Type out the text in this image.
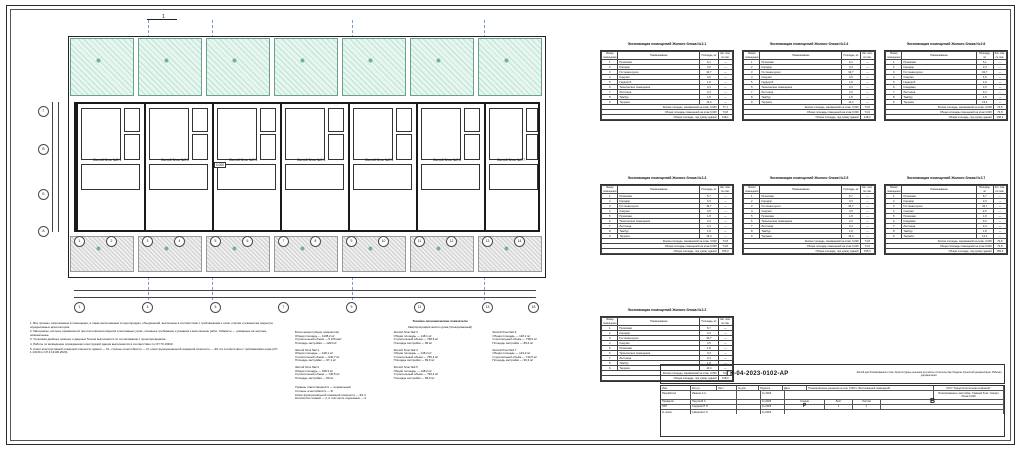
1
Жилой блок №2.1	Жилой блок №2.2	Жилой блок №2.3	Жилой блок №2.4	Жилой блок №2.5	Жилой блок №2.6	Жилой блок №2.7
0,000
Г
В
Б
А
1	2	3	4	5	6	7	8	9	10	11	12	13	14
1	3	5	7	9	11	13	15

1. Все проемы, заполняемые в помещении, а также выполняемые в перегородках, объединений, выполнены в соответствии с требованиями к осям, плитам и элементам покрытия, определяемых архитектором.

2. Материалы, которые применяются при изготовлении изделия в монтажных узлах, основные требования и указания к выполнению работ. Габариты — указанные на чертеже, номинальные.

3. Установка двойных оконных и дверных блоков выполняется по согласованию с проектировщиком.

4. Работы по возведению ограждающих конструкций здания выполняются в соответствии со СП 70.13330.

5. Класс конструктивной пожарной опасности здания — С1, степень огнестойкости — III, класс функциональной пожарной опасности — Ф1.4 в соответствии с требованиями норм (СП 1.13130 и СП 2.13130.2020).

Технико-экономические показатели
Квартирография жилого дома (блокированный)
Блок-секции (общие показатели)
Общая площадь — 1438,2 м²
Строительный объём — 5 125 мм³
Площадь застройки — 1204 м²
Жилой блок №2.1
Общая площадь — 148,1 м²
Строительный объём — 940,7 м³
Площадь застройки — 97,1 м²
Жилой блок №2.2
Общая площадь — 198,3 м²
Строительный объём — 740,5 м³
Площадь застройки — 89 м²
Жилой блок №2.3
Общая площадь — 148,1 м²
Строительный объём — 738,6 м³
Площадь застройки — 89 м²
Жилой блок №2.4
Общая площадь — 148,2 м²
Строительный объём — 759,4 м³
Площадь застройки — 89,6 м²
Жилой блок №2.5
Общая площадь — 148,2 м²
Строительный объём — 739,4 м³
Площадь застройки — 89,6 м²
Жилой блок №2.6
Общая площадь — 148,1 м²
Строительный объём — 738,6 м³
Площадь застройки — 89,6 м²
Жилой блок №2.7
Общая площадь — 143,2 м²
Строительный объём — 740,5 м³
Площадь застройки — 90,3 м²
Уровень ответственности — нормальный
Степень огнестойкости — III
Класс функциональной пожарной опасности — Ф1.4
Количество этажей — 2, в том числе подземных — 0
Экспликация помещений Жилого блока №2.1
Номер помещения	Наименование	Площадь, м²	Кат. пом. по пож.
1	Прихожая	6,1	—
2	Коридор	3,0	—
3	Гостиная-кухня	32,7	—
4	Санузел	4,5	—
5	Гардероб	1,8	—
6	Техническое помещение	3,3	—
7	Лестница	3,4	—
8	Тамбур	1,8	—
9	Терраса	13,4	—
Жилая площадь, занимаемой на этаж, 0,000			77,1
Общая площадь помещений на этаж 0,000			74,8
Общая площадь, под сумму зданий			148,1
Экспликация помещений Жилого блока №2.4
Номер помещения	Наименование	Площадь, м²	Кат. пом. по пож.
1	Прихожая	6,1	—
2	Коридор	3,3	—
3	Гостиная-кухня	32,7	—
4	Санузел	4,5	—
5	Гардероб	1,8	—
6	Техническое помещение	3,3	—
7	Лестница	3,4	—
8	Тамбур	1,8	—
9	Терраса	13,4	—
Жилая площадь, занимаемой на этаж, 0,000			74,8
Общая площадь помещений на этаж 0,000			74,9
Общая площадь, под сумму зданий			148,2
Экспликация помещений Жилого блока №2.6
Номер помещения	Наименование	Площадь, м²	Кат. пом. по пож.
1	Прихожая	6,1	—
2	Коридор	3,3	—
3	Гостиная-кухня	32,7	—
4	Санузел	4,5	—
5	Гардероб	1,8	—
6	Кладовая	3,3	—
7	Лестница	3,4	—
8	Тамбур	1,8	—
9	Терраса	13,4	—
Жилая площадь, занимаемой на этаж, 0,000			74,8
Общая площадь помещений на этаж 0,000			74,8
Общая площадь, под сумму зданий			148,1
Экспликация помещений Жилого блока №2.3
Номер помещения	Наименование	Площадь, м²	Кат. пом. по пож.
1	Прихожая	5,7	—
2	Коридор	3,3	—
3	Гостиная-кухня	32,7	—
4	Санузел	4,5	—
5	Прихожая	1,8	—
6	Техническое помещение	3,3	—
7	Лестница	3,4	—
8	Тамбур	1,8	—
9	Терраса	13,4	—
Жилая площадь, занимаемой на этаж, 0,000			74,8
Общая площадь помещений на этаж 0,000			74,8
Общая площадь, под сумму зданий			155,0
Экспликация помещений Жилого блока №2.5
Номер помещения	Наименование	Площадь, м²	Кат. пом. по пож.
1	Прихожая	5,7	—
2	Коридор	3,3	—
3	Гостиная-кухня	32,7	—
4	Санузел	4,5	—
5	Прихожая	1,8	—
6	Техническое помещение	3,3	—
7	Лестница	3,4	—
8	Тамбур	1,8	—
9	Терраса	13,4	—
Жилая площадь, занимаемой на этаж, 0,000			74,8
Общая площадь помещений на этаж 0,000			74,9
Общая площадь, под сумму зданий			155,0
Экспликация помещений Жилого блока №2.7
Номер помещения	Наименование	Площадь, м²	Кат. пом. по пож.
1	Прихожая	5,7	—
2	Коридор	3,3	—
3	Гостиная-кухня	32,7	—
4	Санузел	4,5	—
5	Прихожая	1,8	—
6	Кладовая	3,3	—
7	Лестница	3,4	—
8	Тамбур	1,8	—
9	Терраса	13,4	—
Жилая площадь, занимаемой на этаж, 0,000			74,8
Общая площадь помещений на этаж 0,000			74,8
Общая площадь, под сумму зданий			155,0
Экспликация помещений Жилого блока №2.2
Номер помещения	Наименование	Площадь, м²	Кат. пом. по пож.
1	Прихожая	5,7	—
2	Коридор	3,3	—
3	Гостиная-кухня	32,7	—
4	Санузел	4,5	—
5	Прихожая	1,8	—
6	Техническое помещение	3,3	—
7	Лестница	3,4	—
8	Тамбур	1,8	—
9	Терраса	13,4	—
Жилая площадь, занимаемой на этаж, 0,000			74,8
Общая площадь, под сумму зданий			138,0
ГК-04-2023-0102-АР	Жилой дом блокированного типа. Архитектурные решения на участке строительства. Разделы проектной документации. Рабочая документация.
Изм.	Кол.уч	Лист	№ док	Подпись	Дата	Планировочные решения на отм. 0,000 с Экспликацией помещений	ООО "Градостроительная компания"
Разработал	Иванов А.А.	11.2023	Блокированные застройки. Главный блок. Секция блока 0,000
Проверил	Петров В.С.	11.2023	Стадия	Лист	Листов
ГИП	Сидоров П.П.	11.2023	Р	1	1
Н. контр.	Смирнов К.Л.	11.2023
В
